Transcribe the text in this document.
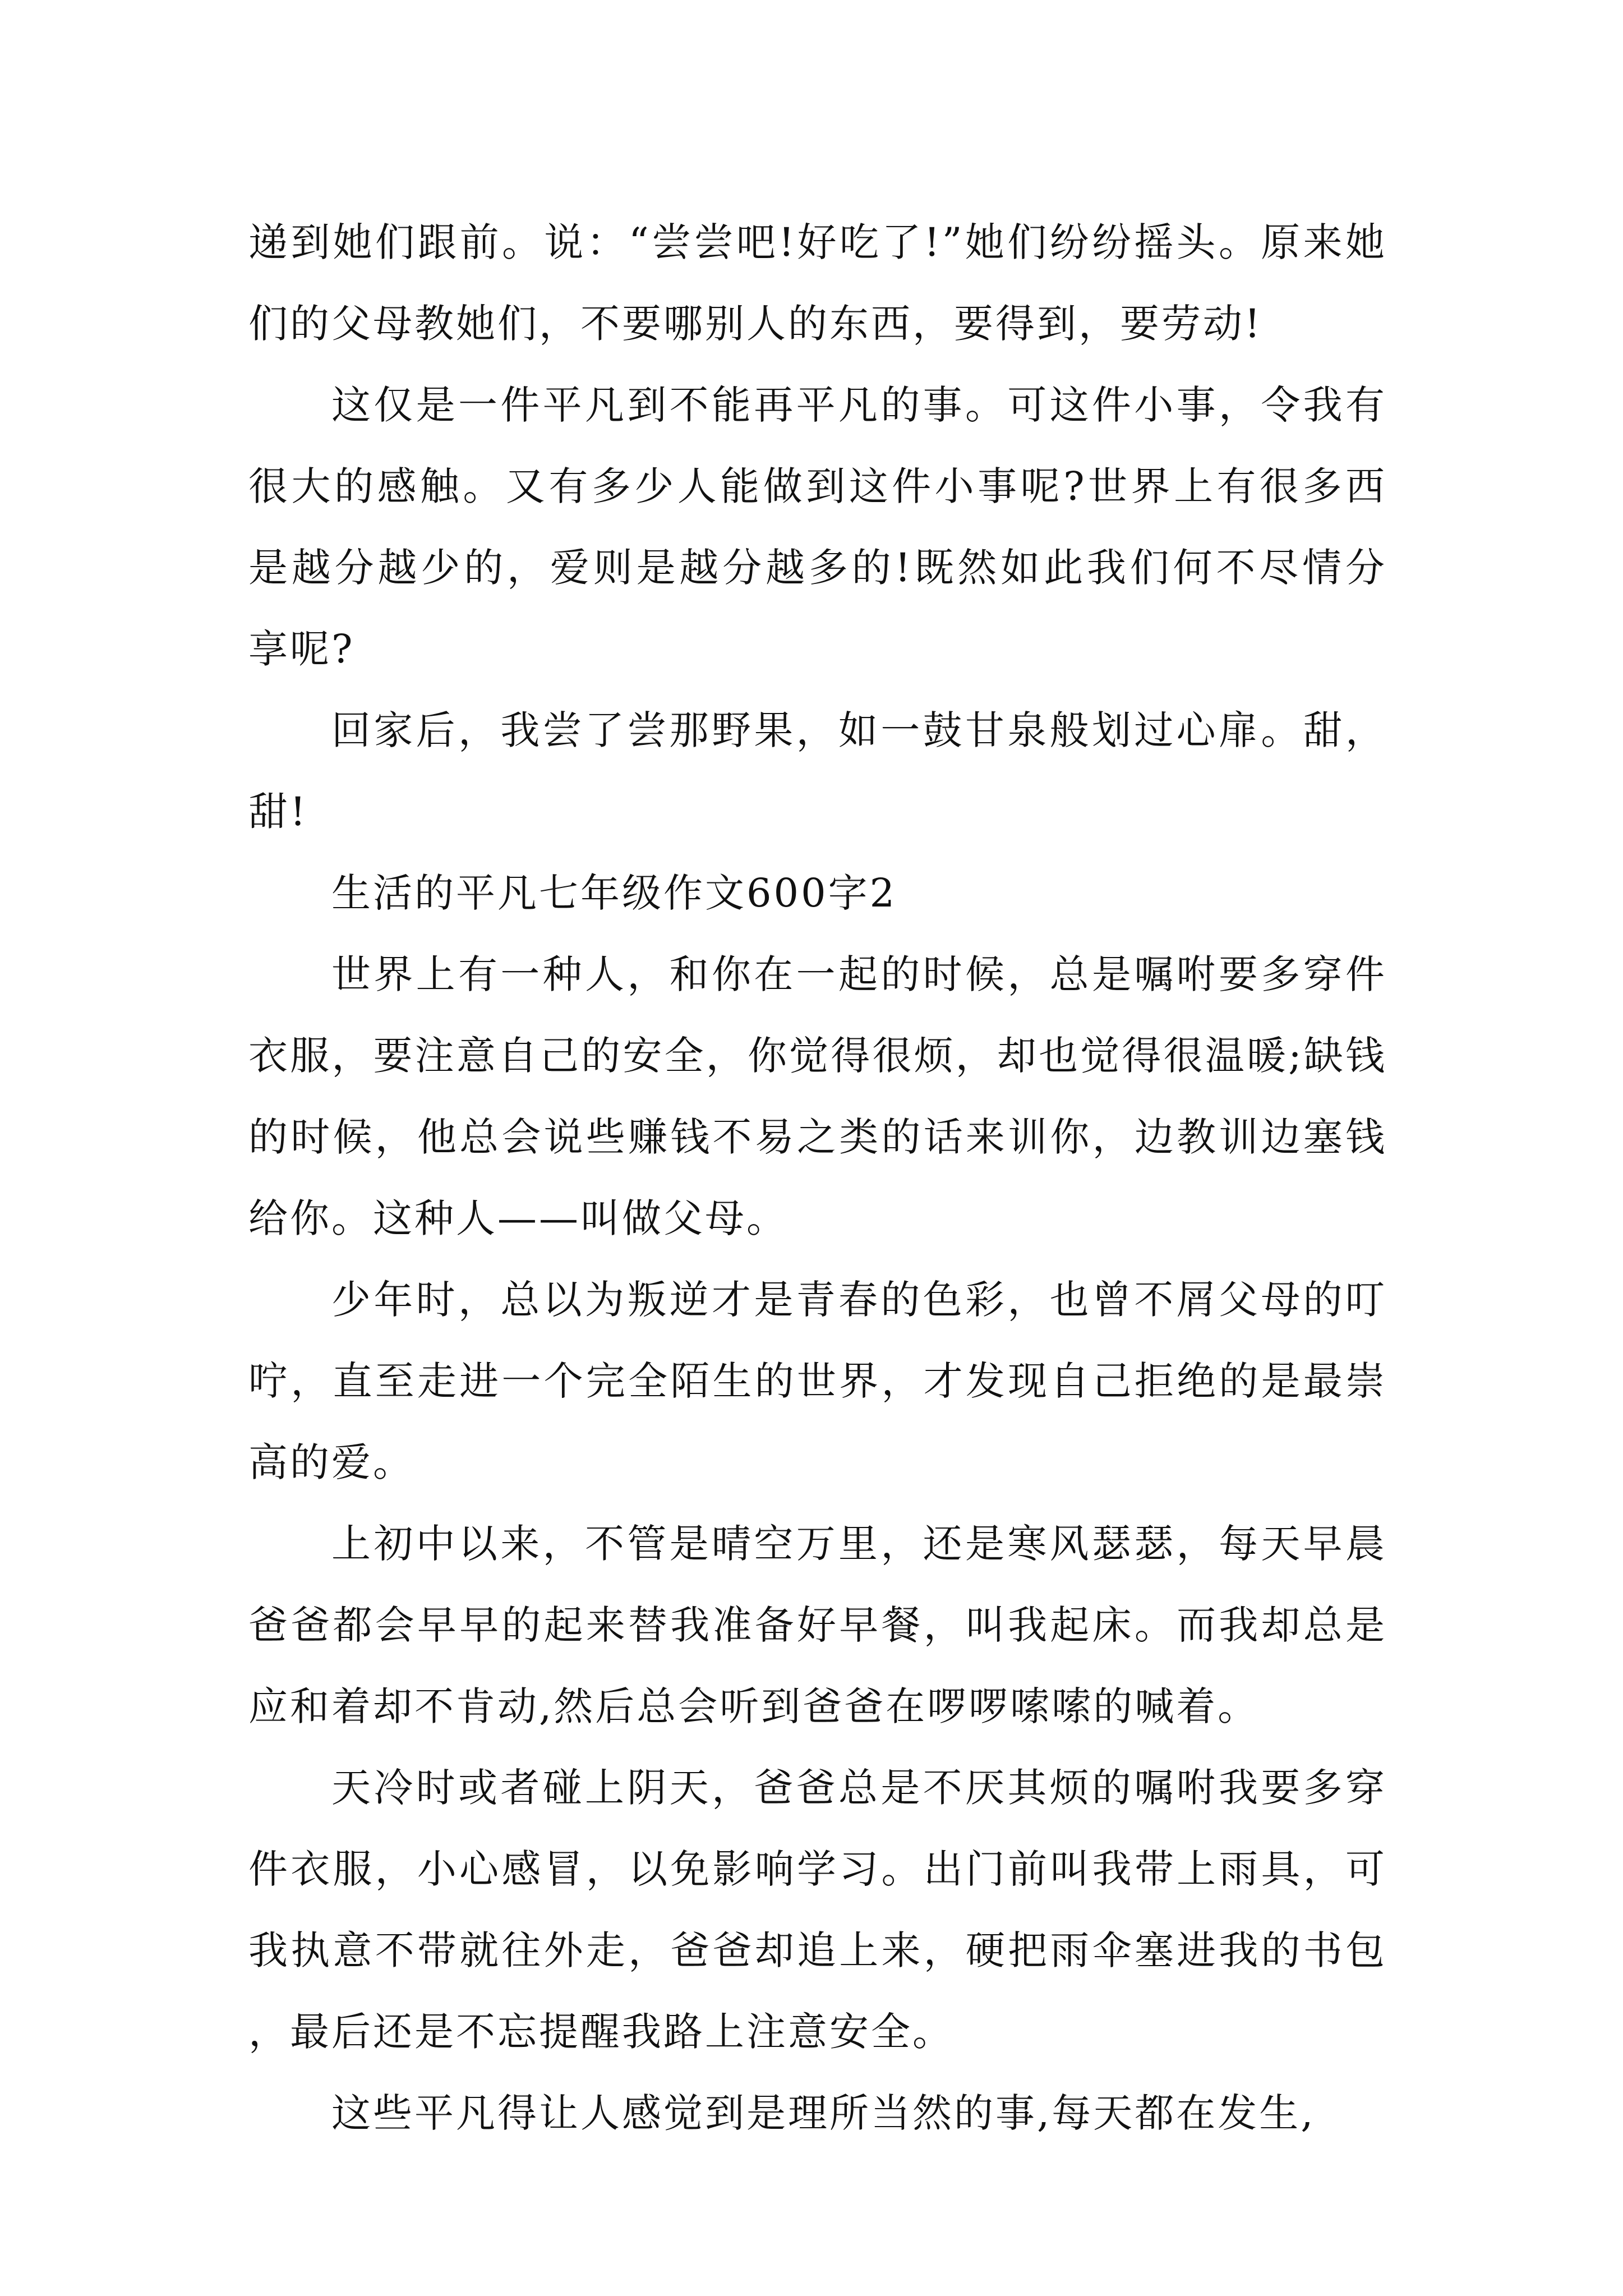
递到她们跟前。说：“尝尝吧!好吃了!”她们纷纷摇头。原来她们的父母教她们，不要哪别人的东西，要得到，要劳动!

这仅是一件平凡到不能再平凡的事。可这件小事，令我有很大的感触。又有多少人能做到这件小事呢?世界上有很多西是越分越少的，爱则是越分越多的!既然如此我们何不尽情分享呢?

回家后，我尝了尝那野果，如一鼓甘泉般划过心扉。甜，甜!

生活的平凡七年级作文600字2

世界上有一种人，和你在一起的时候，总是嘱咐要多穿件衣服，要注意自己的安全，你觉得很烦，却也觉得很温暖;缺钱的时候，他总会说些赚钱不易之类的话来训你，边教训边塞钱给你。这种人——叫做父母。

少年时，总以为叛逆才是青春的色彩，也曾不屑父母的叮咛，直至走进一个完全陌生的世界，才发现自己拒绝的是最崇高的爱。

上初中以来，不管是晴空万里，还是寒风瑟瑟，每天早晨爸爸都会早早的起来替我准备好早餐，叫我起床。而我却总是应和着却不肯动,然后总会听到爸爸在啰啰嗦嗦的喊着。

天冷时或者碰上阴天，爸爸总是不厌其烦的嘱咐我要多穿件衣服，小心感冒，以免影响学习。出门前叫我带上雨具，可我执意不带就往外走，爸爸却追上来，硬把雨伞塞进我的书包，最后还是不忘提醒我路上注意安全。

这些平凡得让人感觉到是理所当然的事,每天都在发生,
